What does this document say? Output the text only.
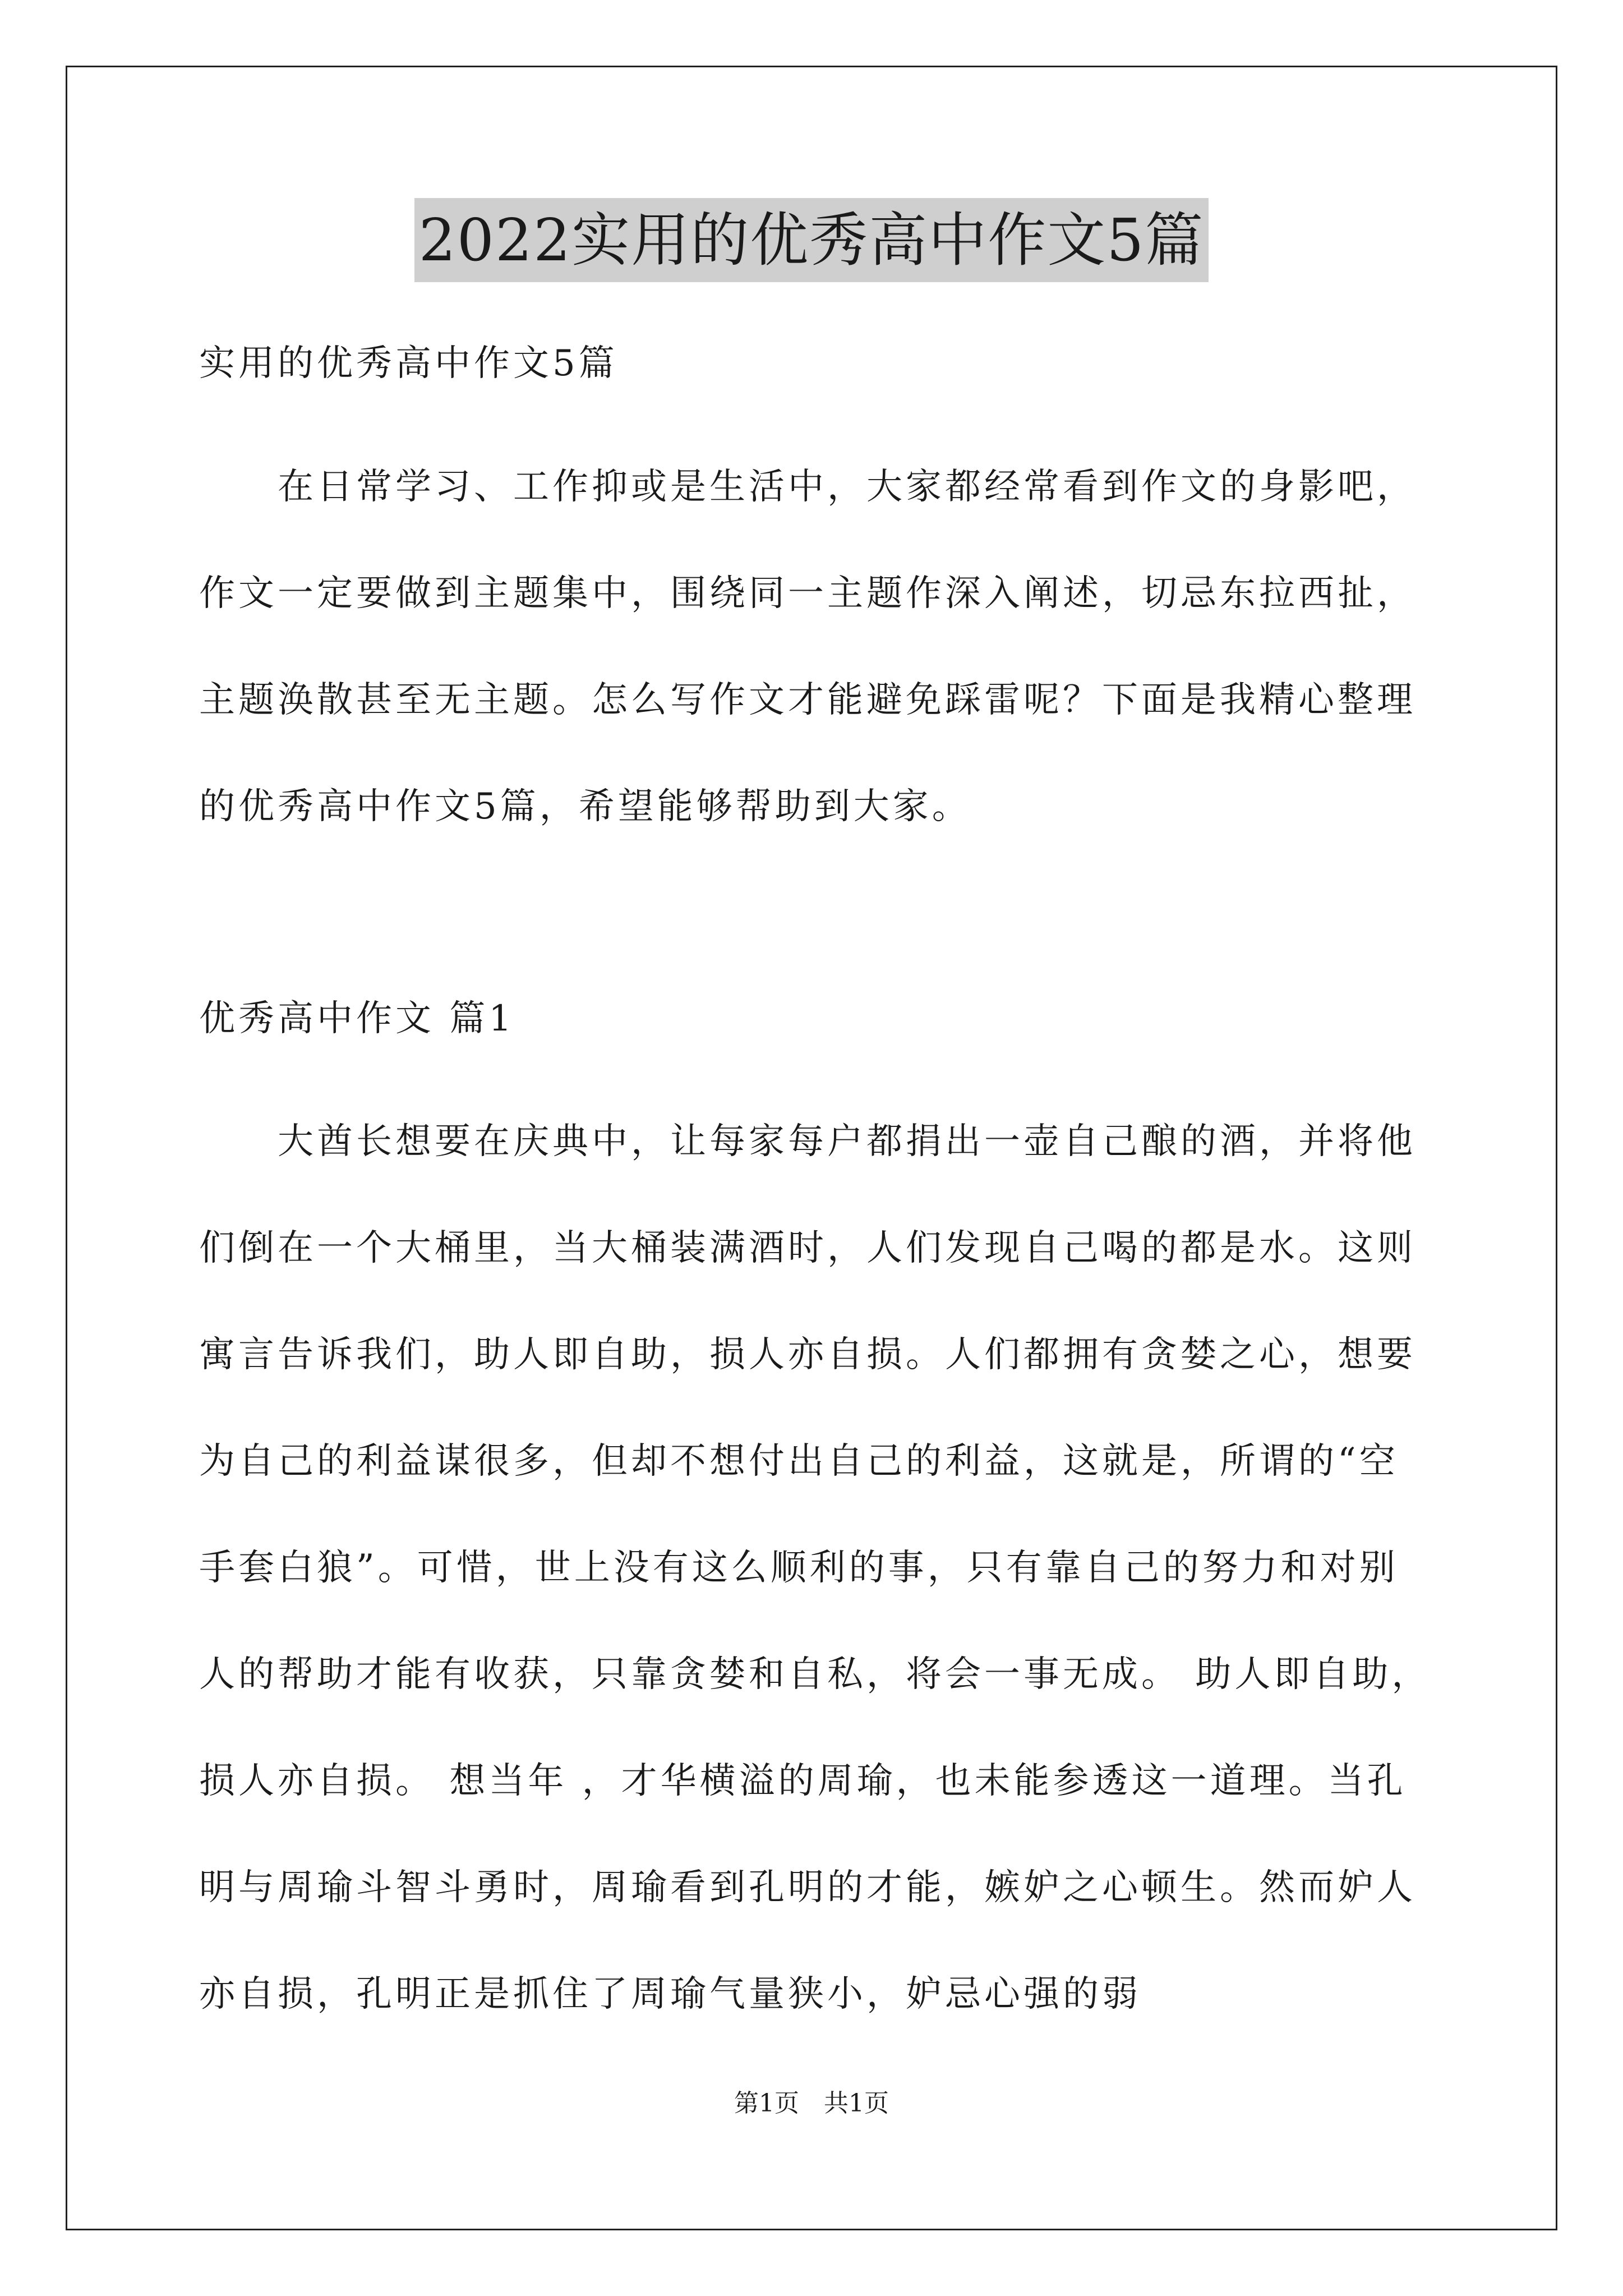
2022实用的优秀高中作文5篇
实用的优秀高中作文5篇
在日常学习、工作抑或是生活中，大家都经常看到作文的身影吧，作文一定要做到主题集中，围绕同一主题作深入阐述，切忌东拉西扯，主题涣散甚至无主题。怎么写作文才能避免踩雷呢？下面是我精心整理的优秀高中作文5篇，希望能够帮助到大家。
优秀高中作文 篇1
大酋长想要在庆典中，让每家每户都捐出一壶自己酿的酒，并将他们倒在一个大桶里，当大桶装满酒时，人们发现自己喝的都是水。这则寓言告诉我们，助人即自助，损人亦自损。人们都拥有贪婪之心，想要为自己的利益谋很多，但却不想付出自己的利益，这就是，所谓的“空手套白狼”。可惜，世上没有这么顺利的事，只有靠自己的努力和对别人的帮助才能有收获，只靠贪婪和自私，将会一事无成。 助人即自助，损人亦自损。 想当年 ，才华横溢的周瑜，也未能参透这一道理。当孔明与周瑜斗智斗勇时，周瑜看到孔明的才能，嫉妒之心顿生。然而妒人亦自损，孔明正是抓住了周瑜气量狭小，妒忌心强的弱
第1页　共1页
